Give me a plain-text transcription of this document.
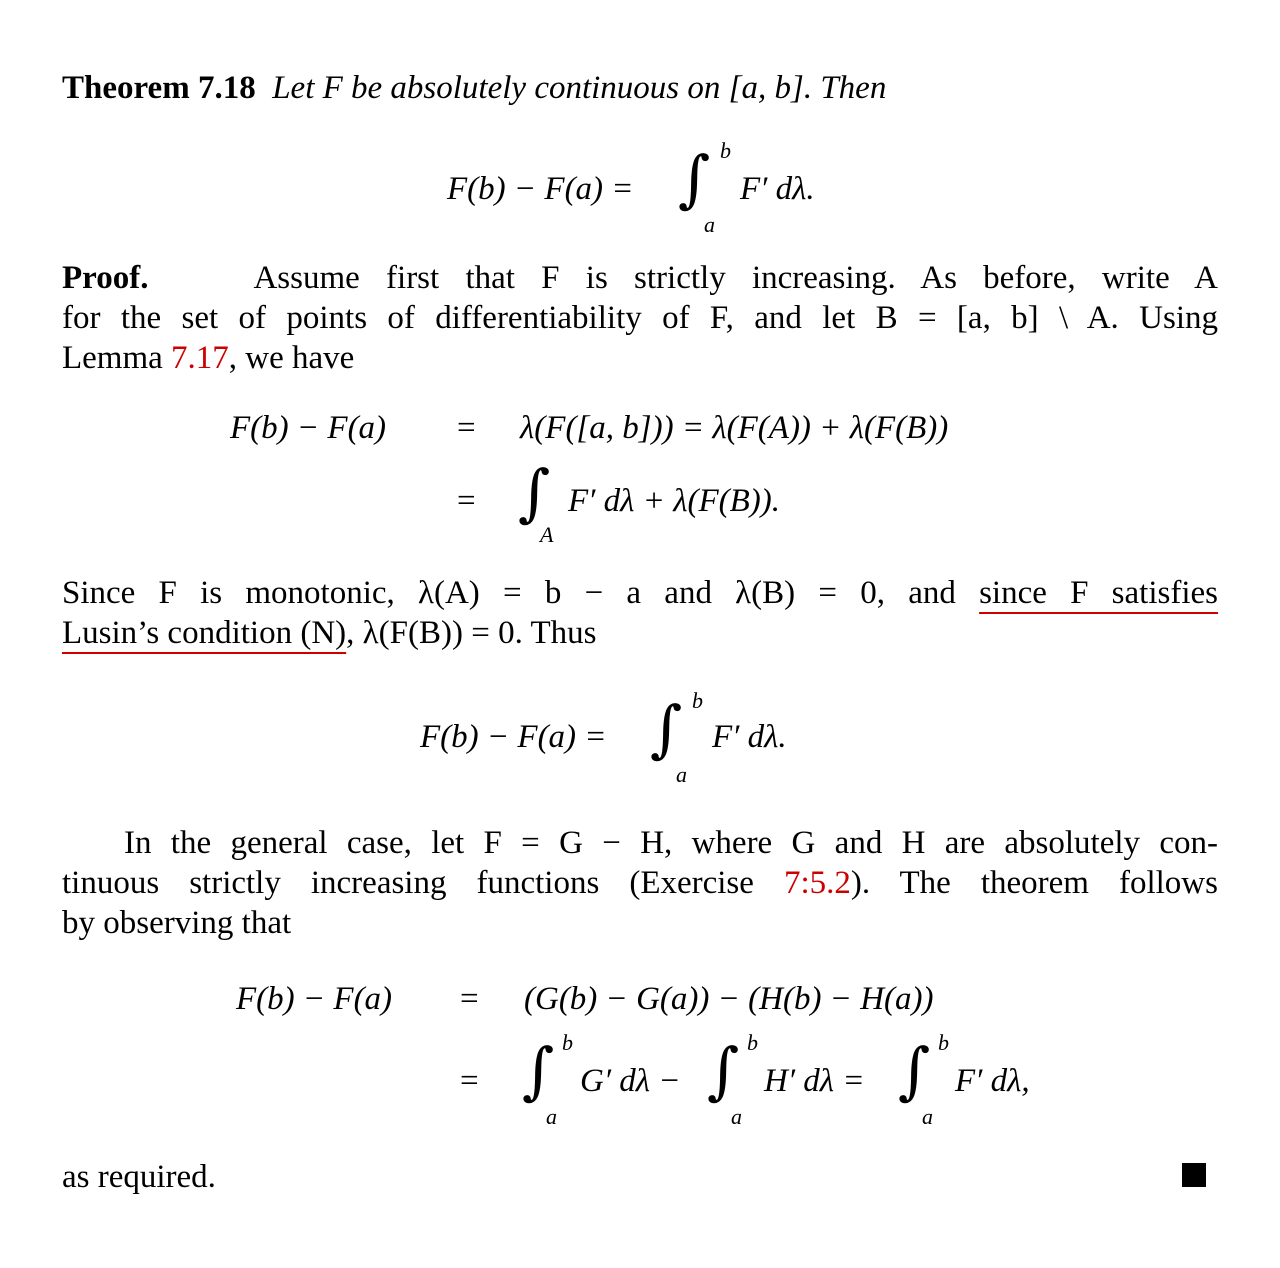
Theorem 7.18 Let F be absolutely continuous on [a, b]. Then
F(b) − F(a) = ∫ b
a
F′ dλ.
Proof.	Assume first that F is strictly increasing. As before, write A
for the set of points of differentiability of F, and let B = [a, b] \ A. Using
Lemma 7.17, we have
F(b) − F(a) = λ(F([a, b])) = λ(F(A)) + λ(F(B))
= ∫
A
F′ dλ + λ(F(B)).
Since F is monotonic, λ(A) = b − a and λ(B) = 0, and since F satisfies
Lusin’s condition (N), λ(F(B)) = 0. Thus
F(b) − F(a) = ∫ b
a
F′ dλ.
In the general case, let F = G − H, where G and H are absolutely con-
tinuous strictly increasing functions (Exercise 7:5.2). The theorem follows
by observing that
F(b) − F(a) = (G(b) − G(a)) − (H(b) − H(a))
= ∫ b
a
G′ dλ − ∫ b
a
H′ dλ = ∫ b
a
F′ dλ,
as required.
